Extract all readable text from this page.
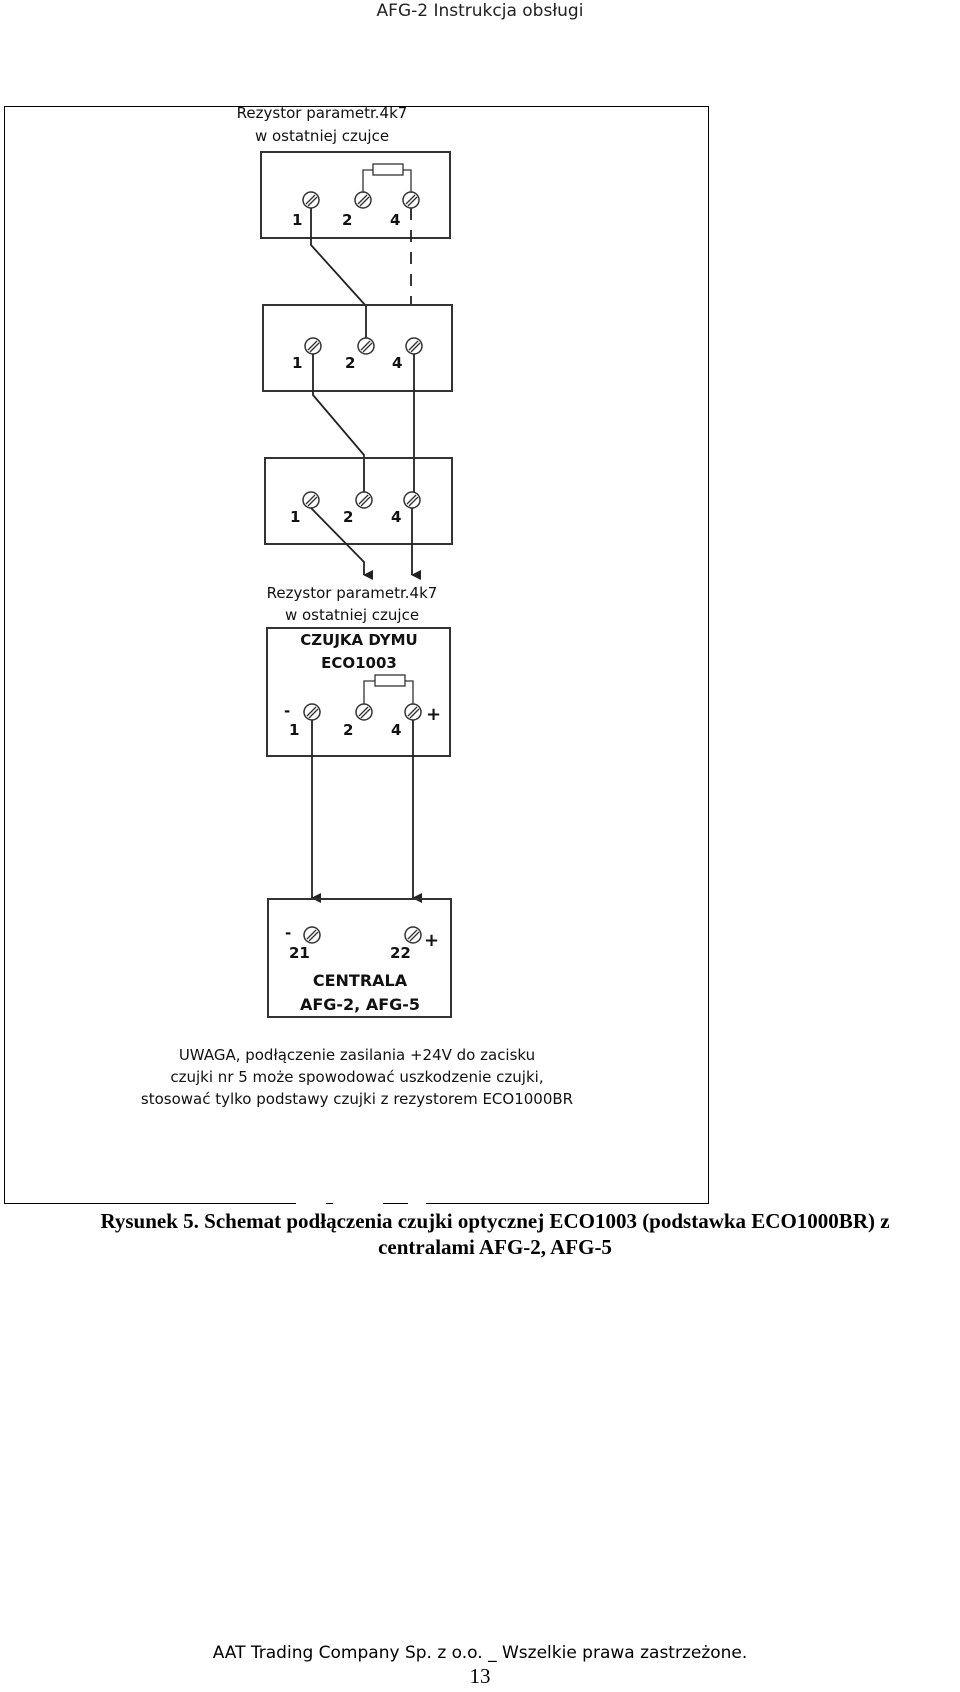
AFG-2 Instrukcja obsługi
Rezystor parametr.4k7
w ostatniej czujce
1	2	4
1	2 4
1	2	4
Rezystor parametr.4k7
w ostatniej czujce
CZUJKA DYMU
ECO1003
-	+
1	2	4
-	+
21	22
CENTRALA
AFG-2, AFG-5
UWAGA, podłączenie zasilania +24V do zacisku
czujki nr 5 może spowodować uszkodzenie czujki,
stosować tylko podstawy czujki z rezystorem ECO1000BR
Rysunek 5. Schemat podłączenia czujki optycznej ECO1003 (podstawka ECO1000BR) z
centralami AFG-2, AFG-5
AAT Trading Company Sp. z o.o. _ Wszelkie prawa zastrzeżone.
13
